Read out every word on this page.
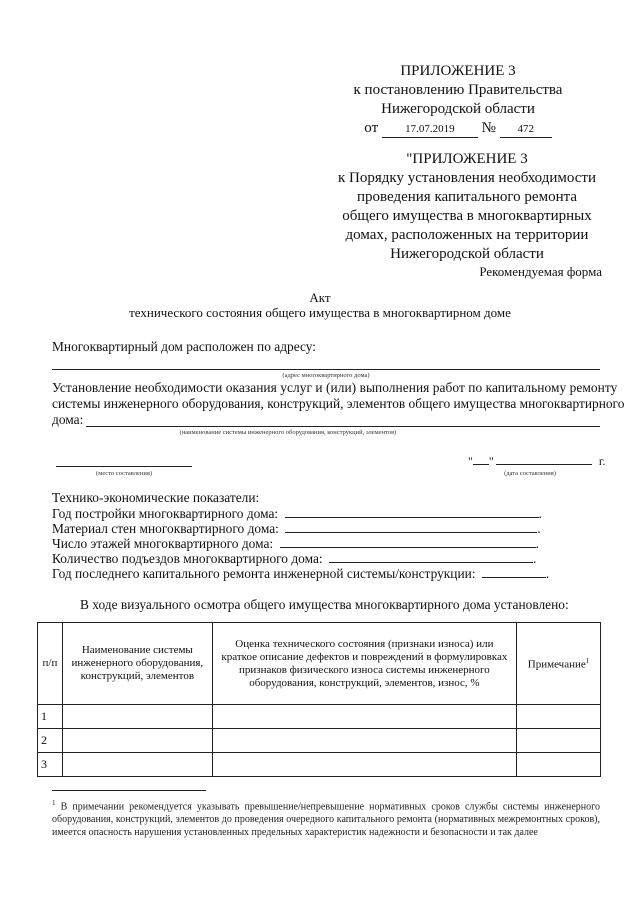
ПРИЛОЖЕНИЕ 3
к постановлению Правительства
Нижегородской области
от 17.07.2019 № 472
"ПРИЛОЖЕНИЕ 3
к Порядку установления необходимости
проведения капитального ремонта
общего имущества в многоквартирных
домах, расположенных на территории
Нижегородской области
Рекомендуемая форма
Акт
технического состояния общего имущества в многоквартирном доме
Многоквартирный дом расположен по адресу:
(адрес многоквартирного дома)
Установление необходимости оказания услуг и (или) выполнения работ по капитальному ремонту
системы инженерного оборудования, конструкций, элементов общего имущества многоквартирного
дома:
(наименование системы инженерного оборудования, конструкций, элементов)
(место составления)
" "	г.
(дата составления)
Технико-экономические показатели:
Год постройки многоквартирного дома:	.
Материал стен многоквартирного дома:	.
Число этажей многоквартирного дома:	.
Количество подъездов многоквартирного дома:	.
Год последнего капитального ремонта инженерной системы/конструкции:	.
В ходе визуального осмотра общего имущества многоквартирного дома установлено:
п/п	Наименование системы инженерного оборудования, конструкций, элементов	Оценка технического состояния (признаки износа) или краткое описание дефектов и повреждений в формулировках признаков физического износа системы инженерного оборудования, конструкций, элементов, износ, %	Примечание$^1$
1			
2			
3			
$^1$ В примечании рекомендуется указывать превышение/непревышение нормативных сроков службы системы инженерного оборудования, конструкций, элементов до проведения очередного капитального ремонта (нормативных межремонтных сроков), имеется опасность нарушения установленных предельных характеристик надежности и безопасности и так далее
